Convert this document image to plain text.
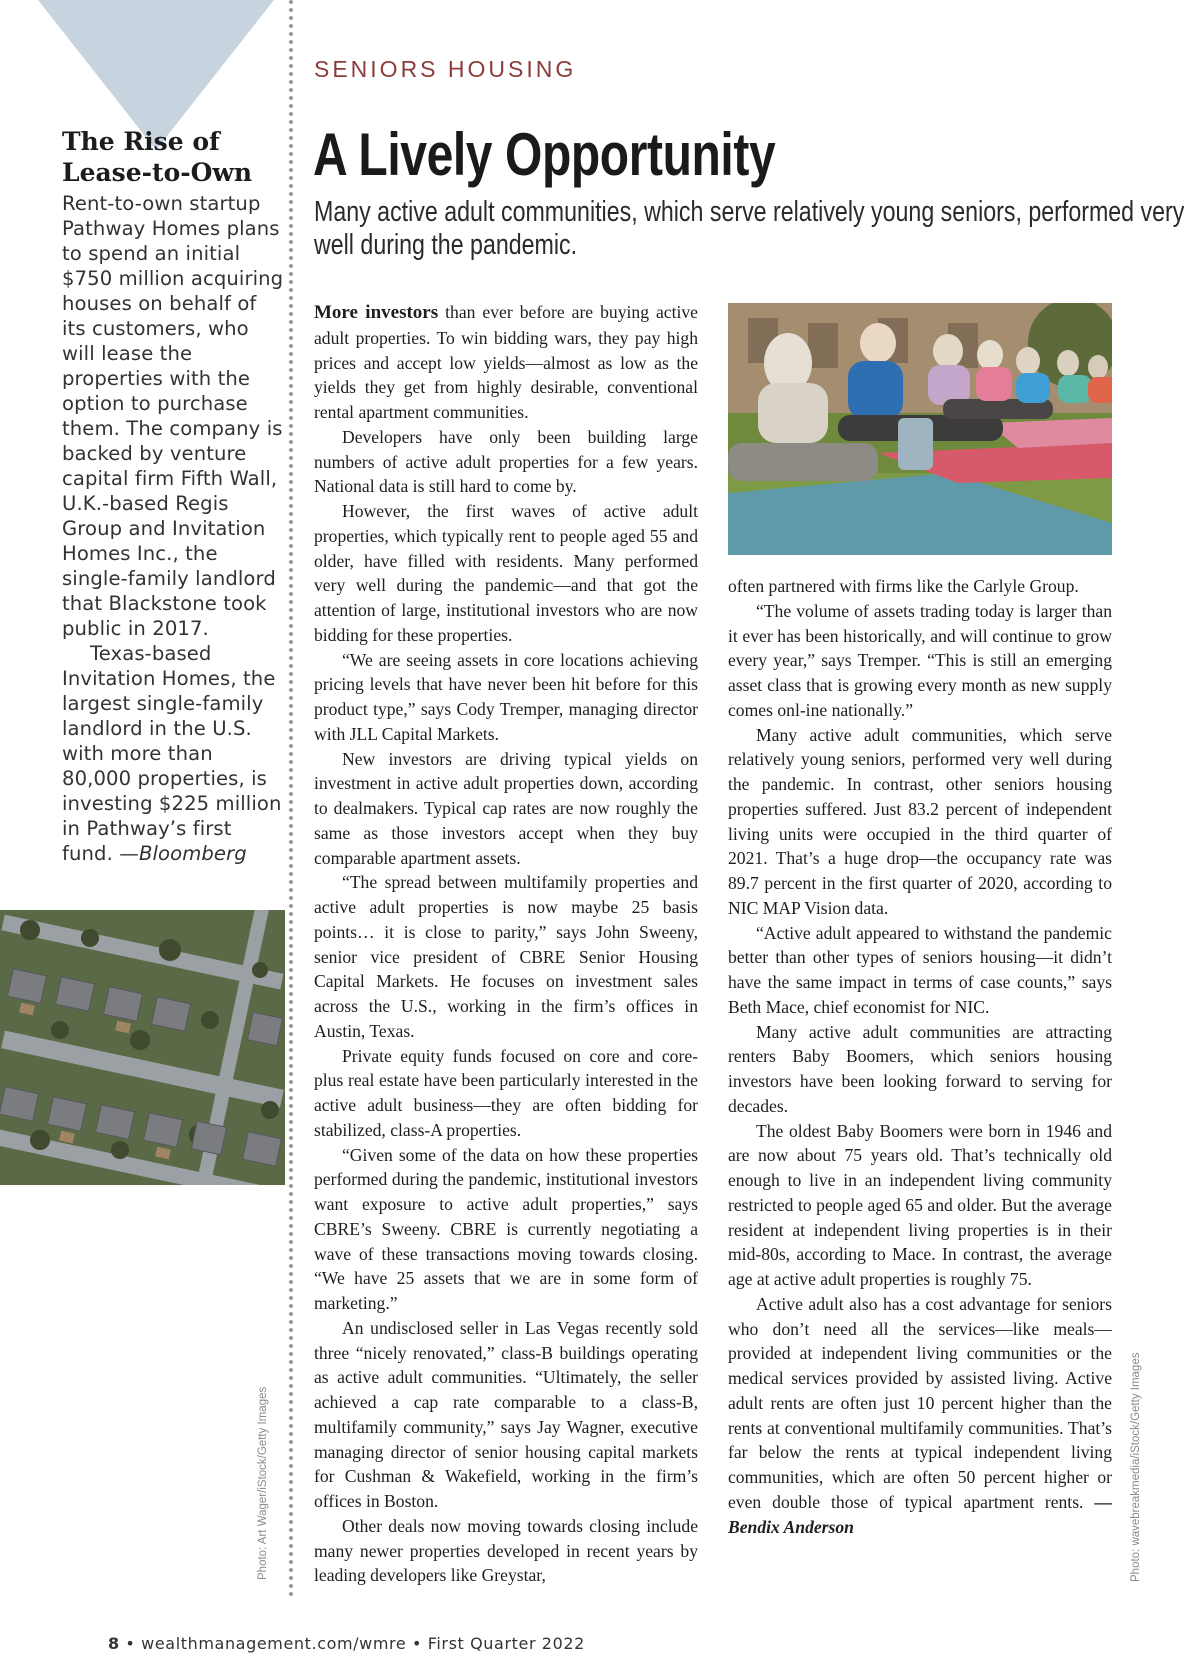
The Rise of Lease-to-Own

Rent-to-own startup Pathway Homes plans to spend an initial $750 million acquiring houses on behalf of its customers, who will lease the properties with the option to purchase them. The company is backed by venture capital firm Fifth Wall, U.K.-based Regis Group and Invitation Homes Inc., the single-family landlord that Blackstone took public in 2017.

Texas-based Invitation Homes, the largest single-family landlord in the U.S. with more than 80,000 properties, is investing $225 million in Pathway’s first fund. —Bloomberg

Photo: Art Wager/iStock/Getty Images	Photo: wavebreakmedia/iStock/Getty Images
SENIORS HOUSING
A Lively Opportunity

Many active adult communities, which serve relatively young seniors, performed very well during the pandemic.

More investors than ever before are buying active adult properties. To win bidding wars, they pay high prices and accept low yields—almost as low as the yields they get from highly desirable, conventional rental apartment communities.

Developers have only been building large numbers of active adult properties for a few years. National data is still hard to come by.

However, the first waves of active adult properties, which typically rent to people aged 55 and older, have filled with residents. Many performed very well during the pandemic—and that got the attention of large, institutional investors who are now bidding for these properties.

“We are seeing assets in core locations achieving pricing levels that have never been hit before for this product type,” says Cody Tremper, managing director with JLL Capital Markets.

New investors are driving typical yields on investment in active adult properties down, according to dealmakers. Typical cap rates are now roughly the same as those investors accept when they buy comparable apartment assets.

“The spread between multifamily properties and active adult properties is now maybe 25 basis points… it is close to parity,” says John Sweeny, senior vice president of CBRE Senior Housing Capital Markets. He focuses on investment sales across the U.S., working in the firm’s offices in Austin, Texas.

Private equity funds focused on core and core-plus real estate have been particularly interested in the active adult business—they are often bidding for stabilized, class-A properties.

“Given some of the data on how these properties performed during the pandemic, institutional investors want exposure to active adult properties,” says CBRE’s Sweeny. CBRE is currently negotiating a wave of these transactions moving towards closing. “We have 25 assets that we are in some form of marketing.”

An undisclosed seller in Las Vegas recently sold three “nicely renovated,” class-B buildings operating as active adult communities. “Ultimately, the seller achieved a cap rate comparable to a class-B, multifamily community,” says Jay Wagner, executive managing director of senior housing capital markets for Cushman & Wakefield, working in the firm’s offices in Boston.

Other deals now moving towards closing include many newer properties developed in recent years by leading developers like Greystar,

often partnered with firms like the Carlyle Group.

“The volume of assets trading today is larger than it ever has been historically, and will continue to grow every year,” says Tremper. “This is still an emerging asset class that is growing every month as new supply comes onl-ine nationally.”

Many active adult communities, which serve relatively young seniors, performed very well during the pandemic. In contrast, other seniors housing properties suffered. Just 83.2 percent of independent living units were occupied in the third quarter of 2021. That’s a huge drop—the occupancy rate was 89.7 percent in the first quarter of 2020, according to NIC MAP Vision data.

“Active adult appeared to withstand the pandemic better than other types of seniors housing—it didn’t have the same impact in terms of case counts,” says Beth Mace, chief economist for NIC.

Many active adult communities are attracting renters Baby Boomers, which seniors housing investors have been looking forward to serving for decades.

The oldest Baby Boomers were born in 1946 and are now about 75 years old. That’s technically old enough to live in an independent living community restricted to people aged 65 and older. But the average resident at independent living properties is in their mid-80s, according to Mace. In contrast, the average age at active adult properties is roughly 75.

Active adult also has a cost advantage for seniors who don’t need all the services—like meals—provided at independent living communities or the medical services provided by assisted living. Active adult rents are often just 10 percent higher than the rents at conventional multifamily communities. That’s far below the rents at typical independent living communities, which are often 50 percent higher or even double those of typical apartment rents. —Bendix Anderson

8 • wealthmanagement.com/wmre • First Quarter 2022
